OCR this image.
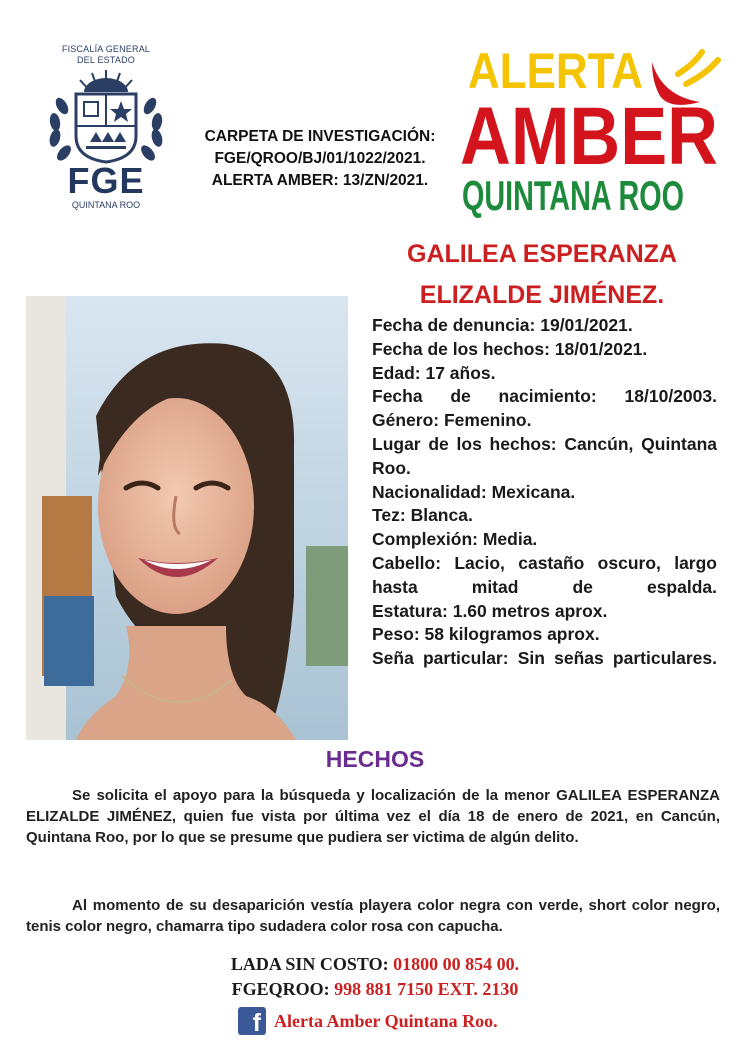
FISCALÍA GENERAL
DEL ESTADO
FGE
QUINTANA ROO
CARPETA DE INVESTIGACIÓN:
FGE/QROO/BJ/01/1022/2021.
ALERTA AMBER: 13/ZN/2021.
ALERTA
AMBER
QUINTANA ROO
GALILEA ESPERANZA
ELIZALDE JIMÉNEZ.

Fecha de denuncia: 19/01/2021.

Fecha de los hechos: 18/01/2021.

Edad: 17 años.

Fecha de nacimiento: 18/10/2003.

Género: Femenino.

Lugar de los hechos: Cancún, Quintana Roo.

Nacionalidad: Mexicana.

Tez: Blanca.

Complexión: Media.

Cabello: Lacio, castaño oscuro, largo hasta mitad de espalda.

Estatura: 1.60 metros aprox.

Peso: 58 kilogramos aprox.

Seña particular: Sin señas particulares.

HECHOS
Se solicita el apoyo para la búsqueda y localización de la menor GALILEA ESPERANZA ELIZALDE JIMÉNEZ, quien fue vista por última vez el día 18 de enero de 2021, en Cancún, Quintana Roo, por lo que se presume que pudiera ser victima de algún delito.
Al momento de su desaparición vestía playera color negra con verde, short color negro, tenis color negro, chamarra tipo sudadera color rosa con capucha.
LADA SIN COSTO: 01800 00 854 00.
FGEQROO: 998 881 7150 EXT. 2130
f Alerta Amber Quintana Roo.
